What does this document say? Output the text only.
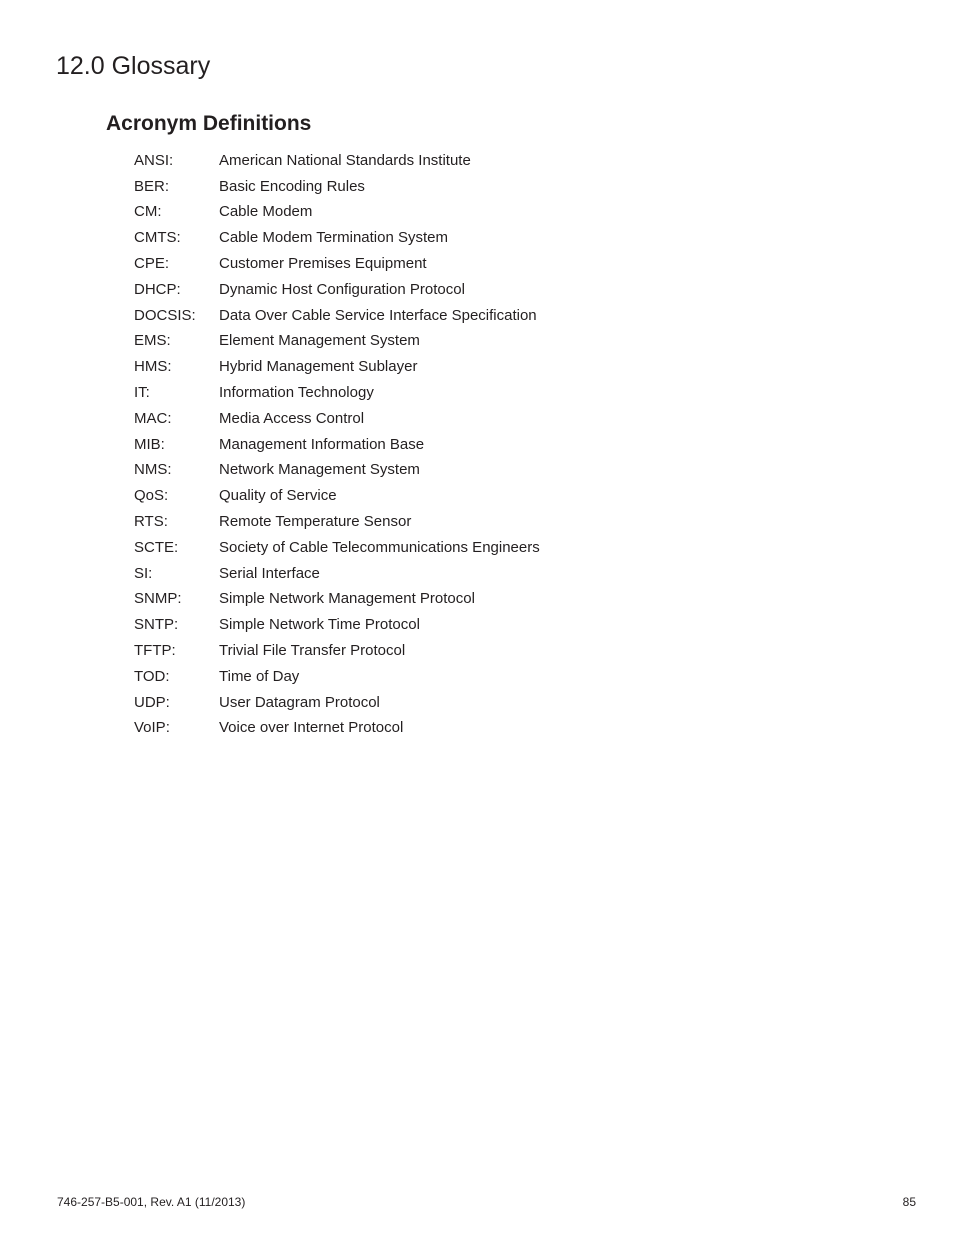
12.0 Glossary
Acronym Definitions
ANSI:	American National Standards Institute
BER:	Basic Encoding Rules
CM:	Cable Modem
CMTS:	Cable Modem Termination System
CPE:	Customer Premises Equipment
DHCP:	Dynamic Host Configuration Protocol
DOCSIS:	Data Over Cable Service Interface Specification
EMS:	Element Management System
HMS:	Hybrid Management Sublayer
IT:	Information Technology
MAC:	Media Access Control
MIB:	Management Information Base
NMS:	Network Management System
QoS:	Quality of Service
RTS:	Remote Temperature Sensor
SCTE:	Society of Cable Telecommunications Engineers
SI:	Serial Interface
SNMP:	Simple Network Management Protocol
SNTP:	Simple Network Time Protocol
TFTP:	Trivial File Transfer Protocol
TOD:	Time of Day
UDP:	User Datagram Protocol
VoIP:	Voice over Internet Protocol
746-257-B5-001, Rev. A1 (11/2013)	85
